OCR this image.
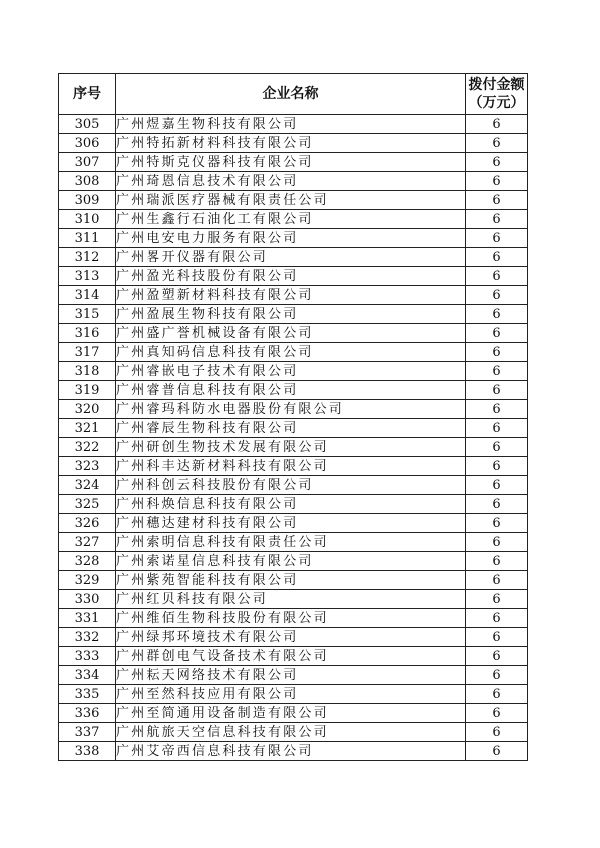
序号	企业名称	拨付金额
（万元）

305	广州煜嘉生物科技有限公司	6
306	广州特拓新材料科技有限公司	6
307	广州特斯克仪器科技有限公司	6
308	广州琦恩信息技术有限公司	6
309	广州瑞派医疗器械有限责任公司	6
310	广州生鑫行石油化工有限公司	6
311	广州电安电力服务有限公司	6
312	广州畧开仪器有限公司	6
313	广州盈光科技股份有限公司	6
314	广州盈塑新材料科技有限公司	6
315	广州盈展生物科技有限公司	6
316	广州盛广誉机械设备有限公司	6
317	广州真知码信息科技有限公司	6
318	广州睿嵌电子技术有限公司	6
319	广州睿普信息科技有限公司	6
320	广州睿玛科防水电器股份有限公司	6
321	广州睿辰生物科技有限公司	6
322	广州研创生物技术发展有限公司	6
323	广州科丰达新材料科技有限公司	6
324	广州科创云科技股份有限公司	6
325	广州科焕信息科技有限公司	6
326	广州穗达建材科技有限公司	6
327	广州索明信息科技有限责任公司	6
328	广州索诺星信息科技有限公司	6
329	广州紫苑智能科技有限公司	6
330	广州红贝科技有限公司	6
331	广州维佰生物科技股份有限公司	6
332	广州绿邦环境技术有限公司	6
333	广州群创电气设备技术有限公司	6
334	广州耘天网络技术有限公司	6
335	广州至然科技应用有限公司	6
336	广州至简通用设备制造有限公司	6
337	广州航旅天空信息科技有限公司	6
338	广州艾帝西信息科技有限公司	6
